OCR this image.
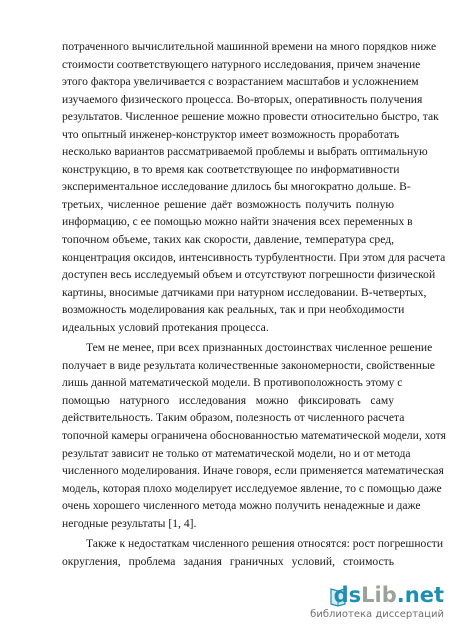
потраченного вычислительной машинной времени на много порядков ниже
стоимости соответствующего натурного исследования, причем значение
этого фактора увеличивается с возрастанием масштабов и усложнением
изучаемого физического процесса. Во-вторых, оперативность получения
результатов. Численное решение можно провести относительно быстро, так
что опытный инженер-конструктор имеет возможность проработать
несколько вариантов рассматриваемой проблемы и выбрать оптимальную
конструкцию, в то время как соответствующее по информативности
экспериментальное исследование длилось бы многократно дольше. В-
третьих, численное решение даёт возможность получить полную
информацию, с ее помощью можно найти значения всех переменных в
топочном объеме, таких как скорости, давление, температура сред,
концентрация оксидов, интенсивность турбулентности. При этом для расчета
доступен весь исследуемый объем и отсутствуют погрешности физической
картины, вносимые датчиками при натурном исследовании. В-четвертых,
возможность моделирования как реальных, так и при необходимости
идеальных условий протекания процесса.
Тем не менее, при всех признанных достоинствах численное решение
получает в виде результата количественные закономерности, свойственные
лишь данной математической модели. В противоположность этому с
помощью натурного исследования можно фиксировать саму
действительность. Таким образом, полезность от численного расчета
топочной камеры ограничена обоснованностью математической модели, хотя
результат зависит не только от математической модели, но и от метода
численного моделирования. Иначе говоря, если применяется математическая
модель, которая плохо моделирует исследуемое явление, то с помощью даже
очень хорошего численного метода можно получить ненадежные и даже
негодные результаты [1, 4].
Также к недостаткам численного решения относятся: рост погрешности
округления, проблема задания граничных условий, стоимость
dsLib.net
библиотека диссертаций
